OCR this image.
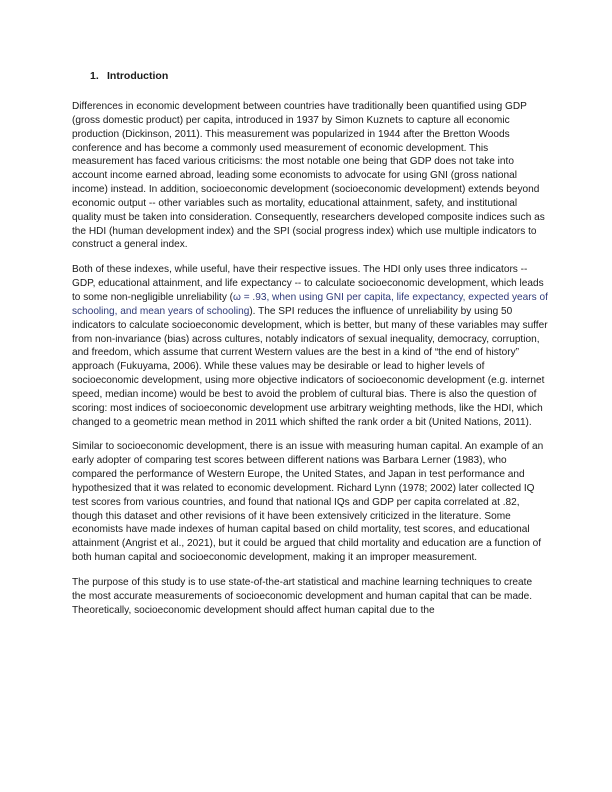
1. Introduction

Differences in economic development between countries have traditionally been quantified using GDP (gross domestic product) per capita, introduced in 1937 by Simon Kuznets to capture all economic production (Dickinson, 2011). This measurement was popularized in 1944 after the Bretton Woods conference and has become a commonly used measurement of economic development. This measurement has faced various criticisms: the most notable one being that GDP does not take into account income earned abroad, leading some economists to advocate for using GNI (gross national income) instead. In addition, socioeconomic development (socioeconomic development) extends beyond economic output -- other variables such as mortality, educational attainment, safety, and institutional quality must be taken into consideration. Consequently, researchers developed composite indices such as the HDI (human development index) and the SPI (social progress index) which use multiple indicators to construct a general index.

Both of these indexes, while useful, have their respective issues. The HDI only uses three indicators -- GDP, educational attainment, and life expectancy -- to calculate socioeconomic development, which leads to some non-negligible unreliability (ω = .93, when using GNI per capita, life expectancy, expected years of schooling, and mean years of schooling). The SPI reduces the influence of unreliability by using 50 indicators to calculate socioeconomic development, which is better, but many of these variables may suffer from non-invariance (bias) across cultures, notably indicators of sexual inequality, democracy, corruption, and freedom, which assume that current Western values are the best in a kind of “the end of history” approach (Fukuyama, 2006). While these values may be desirable or lead to higher levels of socioeconomic development, using more objective indicators of socioeconomic development (e.g. internet speed, median income) would be best to avoid the problem of cultural bias. There is also the question of scoring: most indices of socioeconomic development use arbitrary weighting methods, like the HDI, which changed to a geometric mean method in 2011 which shifted the rank order a bit (United Nations, 2011).

Similar to socioeconomic development, there is an issue with measuring human capital. An example of an early adopter of comparing test scores between different nations was Barbara Lerner (1983), who compared the performance of Western Europe, the United States, and Japan in test performance and hypothesized that it was related to economic development. Richard Lynn (1978; 2002) later collected IQ test scores from various countries, and found that national IQs and GDP per capita correlated at .82, though this dataset and other revisions of it have been extensively criticized in the literature. Some economists have made indexes of human capital based on child mortality, test scores, and educational attainment (Angrist et al., 2021), but it could be argued that child mortality and education are a function of both human capital and socioeconomic development, making it an improper measurement.

The purpose of this study is to use state-of-the-art statistical and machine learning techniques to create the most accurate measurements of socioeconomic development and human capital that can be made. Theoretically, socioeconomic development should affect human capital due to the
